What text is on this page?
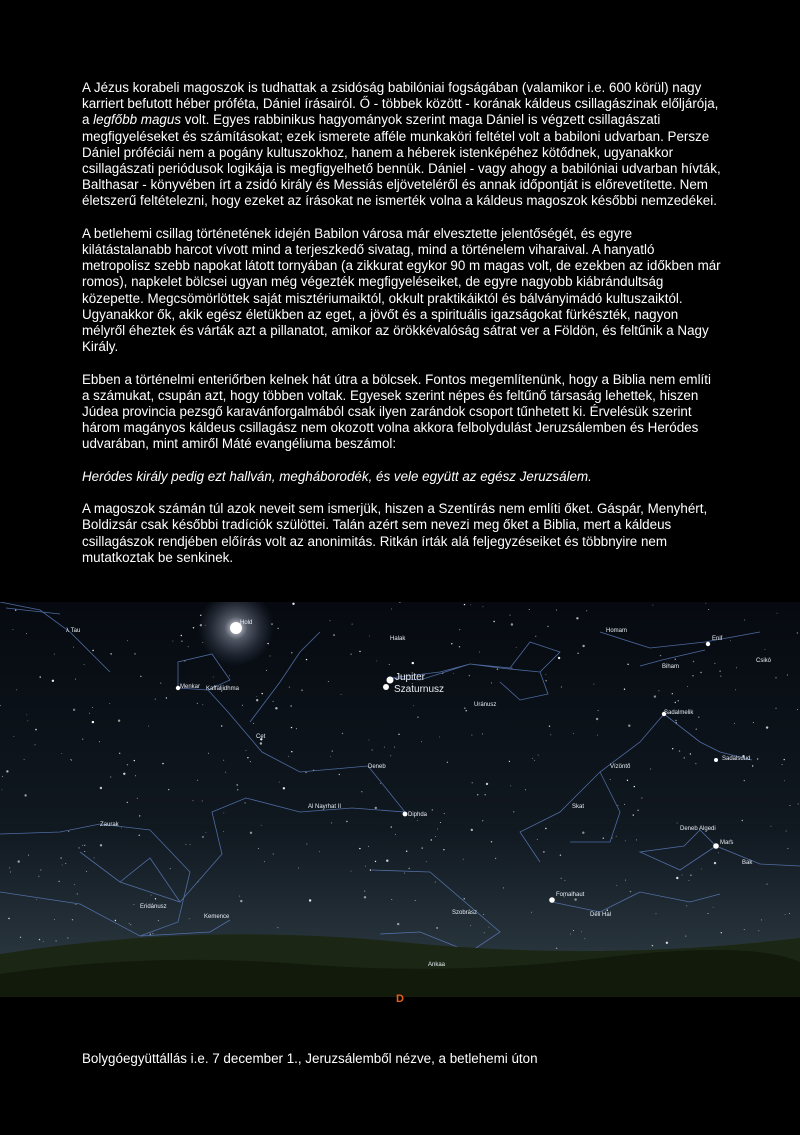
A Jézus korabeli magoszok is tudhattak a zsidóság babilóniai fogságában (valamikor i.e. 600 körül) nagy karriert befutott héber próféta, Dániel írásairól. Ő - többek között - korának káldeus csillagászinak előljárója, a legfőbb magus volt. Egyes rabbinikus hagyományok szerint maga Dániel is végzett csillagászati megfigyeléseket és számításokat; ezek ismerete afféle munkaköri feltétel volt a babiloni udvarban. Persze Dániel próféciái nem a pogány kultuszokhoz, hanem a héberek istenképéhez kötődnek, ugyanakkor csillagászati periódusok logikája is megfigyelhető bennük. Dániel - vagy ahogy a babilóniai udvarban hívták, Balthasar - könyvében írt a zsidó király és Messiás eljöveteléről és annak időpontját is előrevetítette. Nem életszerű feltételezni, hogy ezeket az írásokat ne ismerték volna a káldeus magoszok későbbi nemzedékei.

A betlehemi csillag történetének idején Babilon városa már elvesztette jelentőségét, és egyre kilátástalanabb harcot vívott mind a terjeszkedő sivatag, mind a történelem viharaival. A hanyatló metropolisz szebb napokat látott tornyában (a zikkurat egykor 90 m magas volt, de ezekben az időkben már romos), napkelet bölcsei ugyan még végezték megfigyeléseiket, de egyre nagyobb kiábrándultság közepette. Megcsömörlöttek saját misztériumaiktól, okkult praktikáiktól és bálványimádó kultuszaiktól. Ugyanakkor ők, akik egész életükben az eget, a jövőt és a spirituális igazságokat fürkészték, nagyon mélyről éheztek és várták azt a pillanatot, amikor az örökkévalóság sátrat ver a Földön, és feltűnik a Nagy Király.

Ebben a történelmi enteriőrben kelnek hát útra a bölcsek. Fontos megemlítenünk, hogy a Biblia nem említi a számukat, csupán azt, hogy többen voltak. Egyesek szerint népes és feltűnő társaság lehettek, hiszen Júdea provincia pezsgő karavánforgalmából csak ilyen zarándok csoport tűnhetett ki. Érvelésük szerint három magányos káldeus csillagász nem okozott volna akkora felbolydulást Jeruzsálemben és Heródes udvarában, mint amiről Máté evangéliuma beszámol:

Heródes király pedig ezt hallván, megháborodék, és vele együtt az egész Jeruzsálem.

A magoszok számán túl azok neveit sem ismerjük, hiszen a Szentírás nem említi őket. Gáspár, Menyhért, Boldizsár csak későbbi tradíciók szülöttei. Talán azért sem nevezi meg őket a Biblia, mert a káldeus csillagászok rendjében előírás volt az anonimitás. Ritkán írták alá feljegyzéseiket és többnyire nem mutatkoztak be senkinek.

λ Tau
Hold
Menkar Kaffaljidhma
Cet
Halak
Jupiter
Szaturnusz
Uránusz
Deneb
Al Nayrhat II
Diphda
Zaurak
Eridánusz
Kemence
Szobrász
Ankaa
Homam
Enif
Biham
Csikó
Sadalmelik
Sadalsuud
Vízöntő
Skat
Deneb Algedi
Mars
Bak
Fomalhaut
Déli Hal
D
Bolygóegyüttállás i.e. 7 december 1., Jeruzsálemből nézve, a betlehemi úton
